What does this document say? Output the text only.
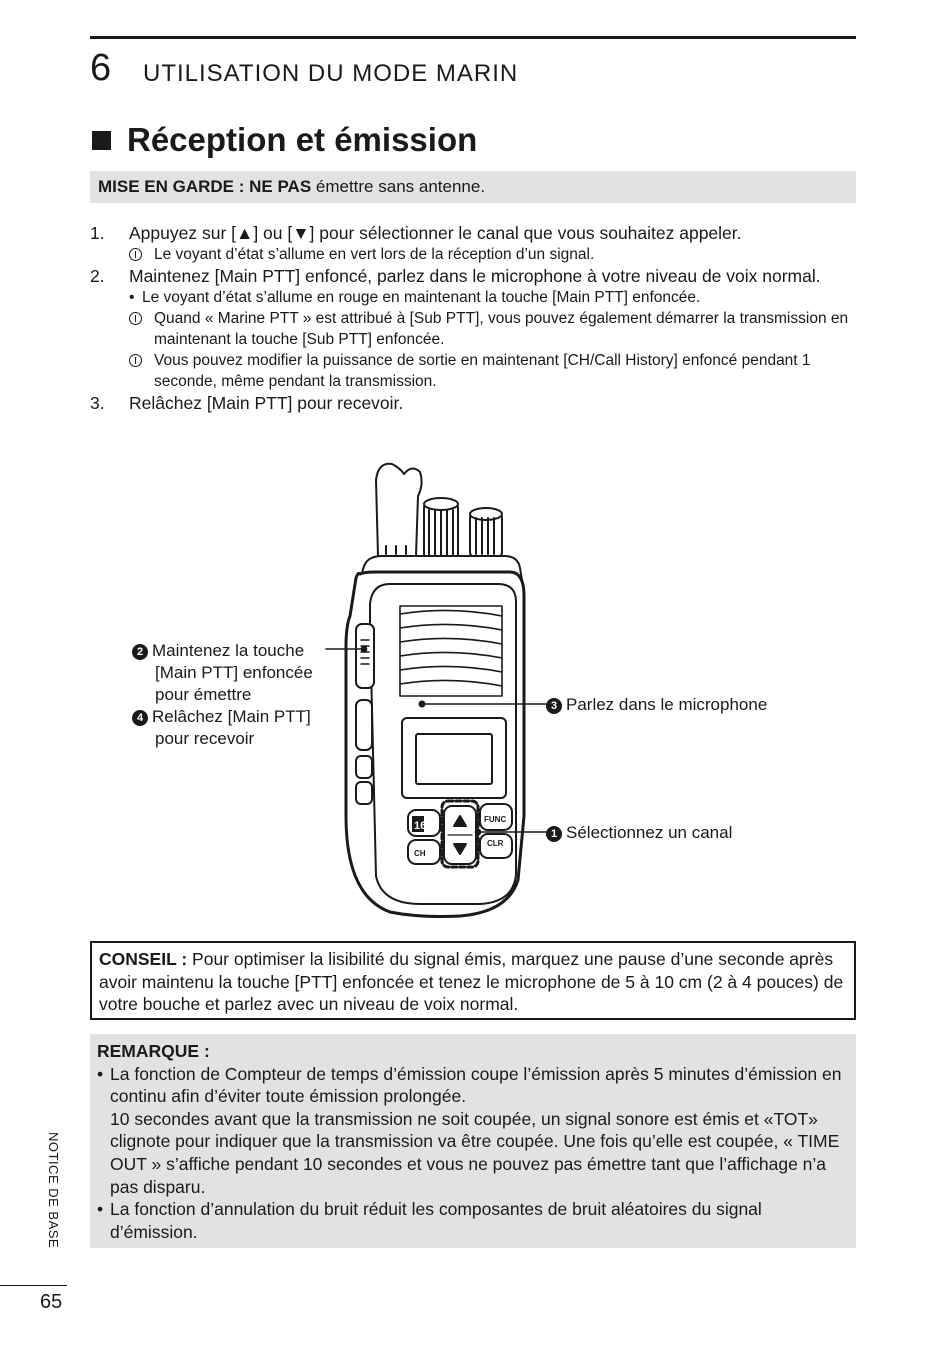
6 UTILISATION DU MODE MARIN
Réception et émission
MISE EN GARDE : NE PAS émettre sans antenne.
1. Appuyez sur [▲] ou [▼] pour sélectionner le canal que vous souhaitez appeler.
Le voyant d’état s’allume en vert lors de la réception d’un signal.
2. Maintenez [Main PTT] enfoncé, parlez dans le microphone à votre niveau de voix normal.
• Le voyant d’état s’allume en rouge en maintenant la touche [Main PTT] enfoncée.
Quand « Marine PTT » est attribué à [Sub PTT], vous pouvez également démarrer la transmission en maintenant la touche [Sub PTT] enfoncée.
Vous pouvez modifier la puissance de sortie en maintenant [CH/Call History] enfoncé pendant 1 seconde, même pendant la transmission.
3. Relâchez [Main PTT] pour recevoir.
16
FUNC
CH
CLR
2 Maintenez la touche
[Main PTT] enfoncée
pour émettre
4 Relâchez [Main PTT]
pour recevoir
3 Parlez dans le microphone
1 Sélectionnez un canal
CONSEIL : Pour optimiser la lisibilité du signal émis, marquez une pause d’une seconde après avoir maintenu la touche [PTT] enfoncée et tenez le microphone de 5 à 10 cm (2 à 4 pouces) de votre bouche et parlez avec un niveau de voix normal.
REMARQUE :
• La fonction de Compteur de temps d’émission coupe l’émission après 5 minutes d’émission en continu afin d’éviter toute émission prolongée.
10 secondes avant que la transmission ne soit coupée, un signal sonore est émis et «TOT» clignote pour indiquer que la transmission va être coupée. Une fois qu’elle est coupée, « TIME OUT » s’affiche pendant 10 secondes et vous ne pouvez pas émettre tant que l’affichage n’a pas disparu.
• La fonction d’annulation du bruit réduit les composantes de bruit aléatoires du signal d’émission.
NOTICE DE BASE
65
